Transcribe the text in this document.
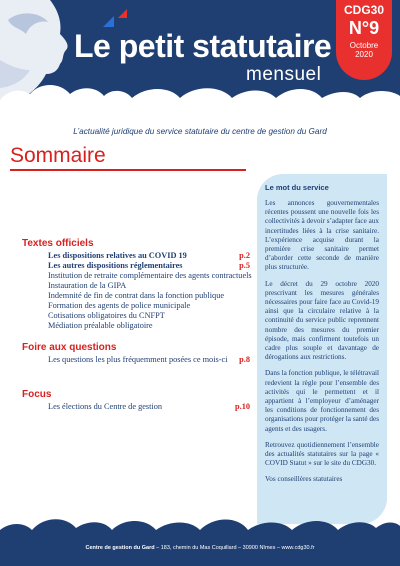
Le petit statutaire
mensuel
CDG30
N°9
Octobre
2020
L’actualité juridique du service statutaire du centre de gestion du Gard
Sommaire
Textes officiels
Les dispositions relatives au COVID 19	p.2
Les autres dispositions réglementaires	p.5
Institution de retraite complémentaire des agents contractuels
Instauration de la GIPA
Indemnité de fin de contrat dans la fonction publique
Formation des agents de police municipale
Cotisations obligatoires du CNFPT
Médiation préalable obligatoire
Foire aux questions
Les questions les plus fréquemment posées ce mois-ci p.8
Focus
Les élections du Centre de gestion	p.10
Le mot du service

Les annonces gouvernementales récentes poussent une nouvelle fois les collectivités à devoir s’adapter face aux incertitudes liées à la crise sanitaire. L’expérience acquise durant la première crise sanitaire permet d’aborder cette seconde de manière plus structurée.

Le décret du 29 octobre 2020 prescrivant les mesures générales nécessaires pour faire face au Covid-19 ainsi que la circulaire relative à la continuité du service public reprennent nombre des mesures du premier épisode, mais confirment toutefois un cadre plus souple et davantage de dérogations aux restrictions.

Dans la fonction publique, le télétravail redevient la règle pour l’ensemble des activités qui le permettent et il appartient à l’employeur d’aménager les conditions de fonctionnement des organisations pour protéger la santé des agents et des usagers.

Retrouvez quotidiennement l’ensemble des actualités statutaires sur la page « COVID Statut » sur le site du CDG30.

Vos conseillères statutaires

Centre de gestion du Gard – 183, chemin du Mas Coquillard – 30900 Nîmes – www.cdg30.fr
